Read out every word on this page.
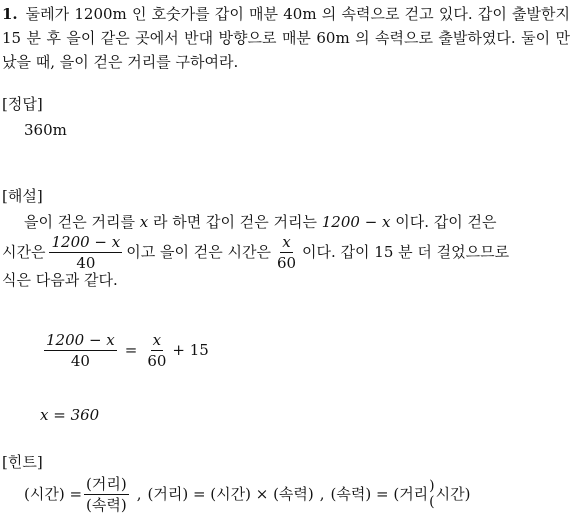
1. 둘레가 1200m 인 호숫가를 갑이 매분 40m 의 속력으로 걷고 있다. 갑이 출발한지 15 분 후 을이 같은 곳에서 반대 방향으로 매분 60m 의 속력으로 출발하였다. 둘이 만났을 때, 을이 걷은 거리를 구하여라.
[정답]
360m
[해설]
을이 걷은 거리를 x 라 하면 갑이 걷은 거리는 1200 − x 이다. 갑이 걷은
시간은 $\frac{1200 - x}{40}$ 이고 을이 걷은 시간은 $\frac{x}{60}$ 이다. 갑이 15 분 더 걸었으므로
식은 다음과 같다.
$\frac{1200 - x}{40} = \frac{x}{60} + 15$
x = 360
[힌트]
(시간) = $\frac{\text{(거리)}}{\text{(속력)}}$ , (거리) = (시간) × (속력) , (속력) = (거리 )
( 시간)
